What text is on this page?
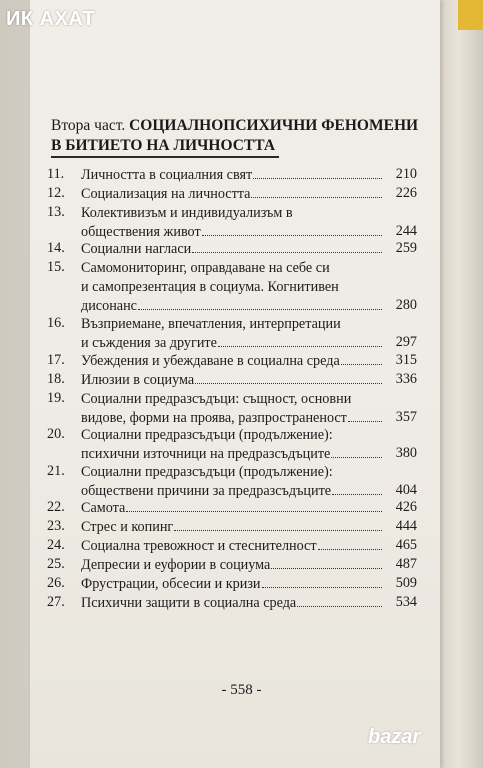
ИК АХАТ
Втора част. СОЦИАЛНОПСИХИЧНИ ФЕНОМЕНИ
В БИТИЕТО НА ЛИЧНОСТТА
11.	Личността в социалния свят	210
12.	Социализация на личността	226
13.	Колективизъм и индивидуализъм в
обществения живот	244
14.	Социални нагласи	259
15.	Самомониторинг, оправдаване на себе си
и самопрезентация в социума. Когнитивен
дисонанс	280
16.	Възприемане, впечатления, интерпретации
и съждения за другите	297
17.	Убеждения и убеждаване в социална среда	315
18.	Илюзии в социума	336
19.	Социални предразсъдъци: същност, основни
видове, форми на проява, разпространеност	357
20.	Социални предразсъдъци (продължение):
психични източници на предразсъдъците	380
21.	Социални предразсъдъци (продължение):
обществени причини за предразсъдъците	404
22.	Самота	426
23.	Стрес и копинг	444
24.	Социална тревожност и стеснителност	465
25.	Депресии и еуфории в социума	487
26.	Фрустрации, обсесии и кризи	509
27.	Психични защити в социална среда	534
- 558 -
bazar
